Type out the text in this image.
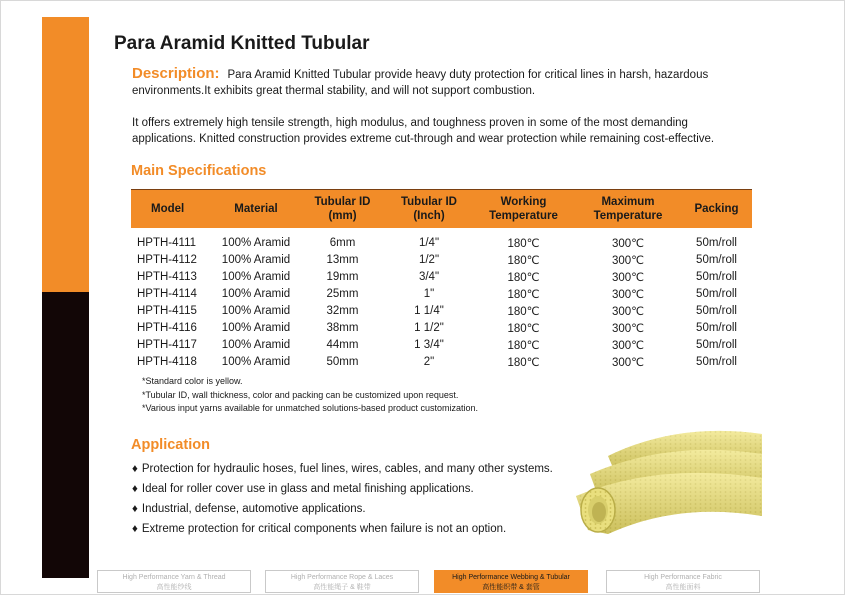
Para Aramid Knitted Tubular

Description: Para Aramid Knitted Tubular provide heavy duty protection for critical lines in harsh, hazardous environments.It exhibits great thermal stability, and will not support combustion.

It offers extremely high tensile strength, high modulus, and toughness proven in some of the most demanding applications. Knitted construction provides extreme cut-through and wear protection while remaining cost-effective.

Main Specifications
Model	Material	Tubular ID (mm)	Tubular ID (Inch)	Working Temperature	Maximum Temperature	Packing
HPTH-4111	100% Aramid	6mm	1/4"	180℃	300℃	50m/roll
HPTH-4112	100% Aramid	13mm	1/2"	180℃	300℃	50m/roll
HPTH-4113	100% Aramid	19mm	3/4"	180℃	300℃	50m/roll
HPTH-4114	100% Aramid	25mm	1"	180℃	300℃	50m/roll
HPTH-4115	100% Aramid	32mm	1 1/4"	180℃	300℃	50m/roll
HPTH-4116	100% Aramid	38mm	1 1/2"	180℃	300℃	50m/roll
HPTH-4117	100% Aramid	44mm	1 3/4"	180℃	300℃	50m/roll
HPTH-4118	100% Aramid	50mm	2"	180℃	300℃	50m/roll
*Standard color is yellow.
*Tubular ID, wall thickness, color and packing can be customized upon request.
*Various input yarns available for unmatched solutions-based product customization.
Application
♦ Protection for hydraulic hoses, fuel lines, wires, cables, and many other systems.
♦ Ideal for roller cover use in glass and metal finishing applications.
♦ Industrial, defense, automotive applications.
♦ Extreme protection for critical components when failure is not an option.
High Performance Yarn & Thread
高性能纱线
High Performance Rope & Laces
高性能绳子 & 鞋带
High Performance Webbing & Tubular
高性能织带 & 套管
High Performance Fabric
高性能面料
